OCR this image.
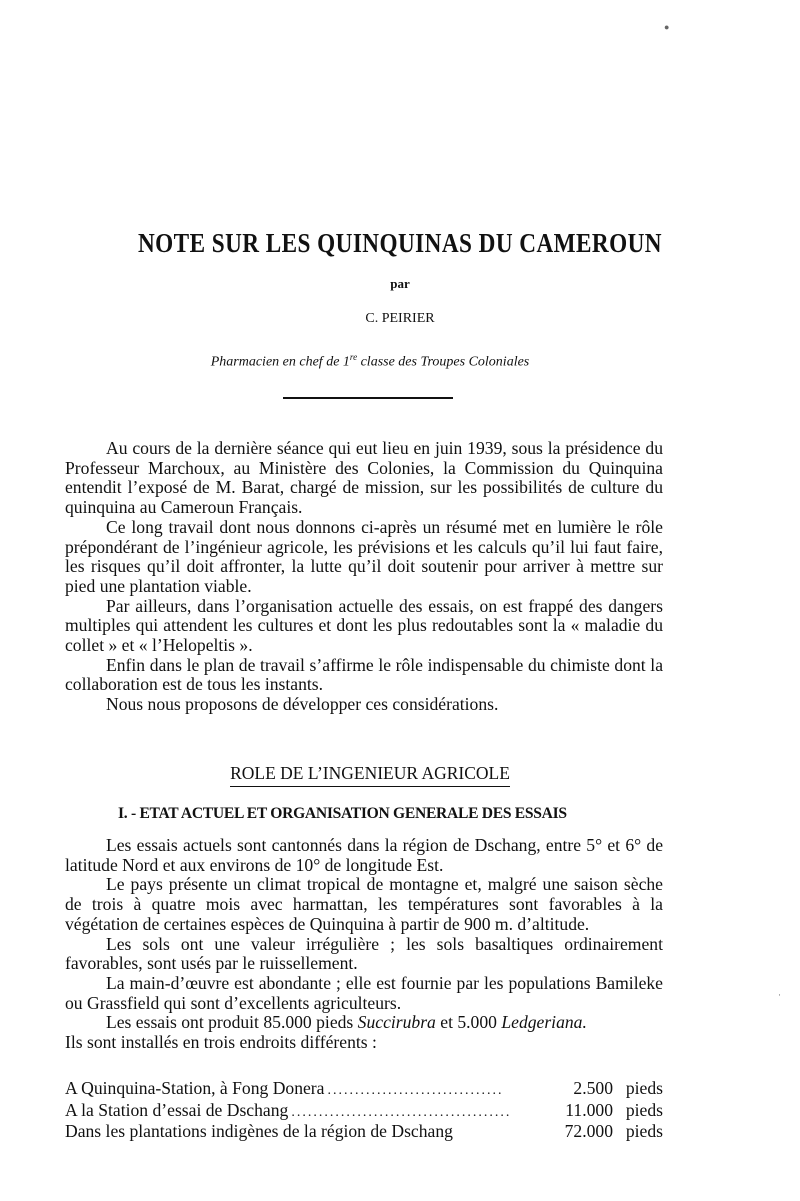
NOTE SUR LES QUINQUINAS DU CAMEROUN
par
C. PEIRIER
Pharmacien en chef de 1re classe des Troupes Coloniales

Au cours de la dernière séance qui eut lieu en juin 1939, sous la présidence du Professeur Marchoux, au Ministère des Colonies, la Commission du Quinquina entendit l’exposé de M. Barat, chargé de mission, sur les possibilités de culture du quinquina au Cameroun Français.

Ce long travail dont nous donnons ci-après un résumé met en lumière le rôle prépondérant de l’ingénieur agricole, les prévisions et les calculs qu’il lui faut faire, les risques qu’il doit affronter, la lutte qu’il doit soutenir pour arriver à mettre sur pied une plantation viable.

Par ailleurs, dans l’organisation actuelle des essais, on est frappé des dangers multiples qui attendent les cultures et dont les plus redoutables sont la « maladie du collet » et « l’Helopeltis ».

Enfin dans le plan de travail s’affirme le rôle indispensable du chimiste dont la collaboration est de tous les instants.

Nous nous proposons de développer ces considérations.

ROLE DE L’INGENIEUR AGRICOLE
I. - ETAT ACTUEL ET ORGANISATION GENERALE DES ESSAIS

Les essais actuels sont cantonnés dans la région de Dschang, entre 5° et 6° de latitude Nord et aux environs de 10° de longitude Est.

Le pays présente un climat tropical de montagne et, malgré une saison sèche de trois à quatre mois avec harmattan, les températures sont favorables à la végétation de certaines espèces de Quinquina à partir de 900 m. d’altitude.

Les sols ont une valeur irrégulière ; les sols basaltiques ordinairement favorables, sont usés par le ruissellement.

La main-d’œuvre est abondante ; elle est fournie par les populations Bamileke ou Grassfield qui sont d’excellents agriculteurs.

Les essais ont produit 85.000 pieds Succirubra et 5.000 Ledgeriana.

Ils sont installés en trois endroits différents :

A Quinquina-Station, à Fong Donera ................................	2.500 pieds
A la Station d’essai de Dschang ........................................	11.000 pieds
Dans les plantations indigènes de la région de Dschang	72.000 pieds
●
·
